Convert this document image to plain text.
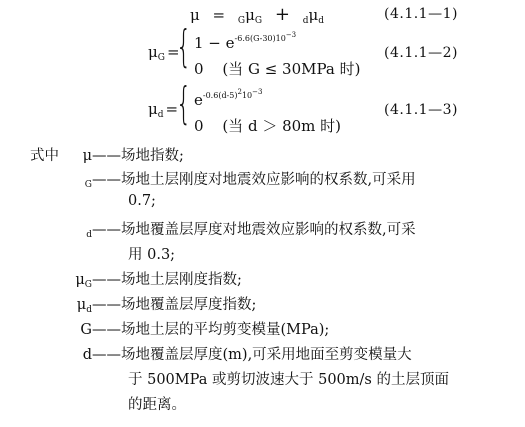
$\mu = _G\mu_G + _d\mu_d$	(4.1.1—1)
$\mu_G$ =
{ $1 - e^{-6.6(G-30)10-3}$
0 (当 G ≤ 30MPa 时)
(4.1.1—2)
$\mu_d$ =
{ $e^{-0.6(d-5)210-3}$
0 (当 d ＞ 80m 时)
(4.1.1—3)
式中	μ——场地指数;
$_G$——场地土层刚度对地震效应影响的权系数,可采用
0.7;
$_d$——场地覆盖层厚度对地震效应影响的权系数,可采
用 0.3;
$\mu_G——$场地土层刚度指数;
$\mu_d——$场地覆盖层厚度指数;
G——场地土层的平均剪变模量(MPa);
d——场地覆盖层厚度(m),可采用地面至剪变模量大
于 500MPa 或剪切波速大于 500m/s 的土层顶面
的距离。
